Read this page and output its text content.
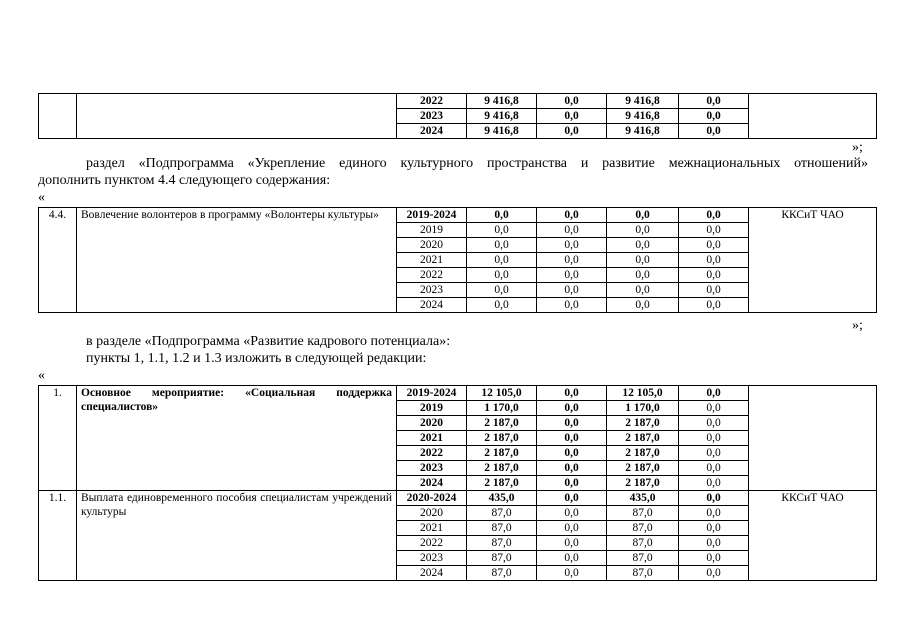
		2022	9 416,8	0,0	9 416,8	0,0	
		2023	9 416,8	0,0	9 416,8	0,0	
		2024	9 416,8	0,0	9 416,8	0,0	
»;
раздел «Подпрограмма «Укрепление единого культурного пространства и развитие межнациональных отношений»
дополнить пунктом 4.4 следующего содержания:
«
4.4.	Вовлечение волонтеров в программу «Волонтеры культуры»	2019-2024	0,0	0,0	0,0	0,0	ККСиТ ЧАО
		2019	0,0	0,0	0,0	0,0	
		2020	0,0	0,0	0,0	0,0	
		2021	0,0	0,0	0,0	0,0	
		2022	0,0	0,0	0,0	0,0	
		2023	0,0	0,0	0,0	0,0	
		2024	0,0	0,0	0,0	0,0	
»;
в разделе «Подпрограмма «Развитие кадрового потенциала»:
пункты 1, 1.1, 1.2 и 1.3 изложить в следующей редакции:
«
1.	Основное мероприятие: «Социальная поддержка специалистов»	2019-2024	12 105,0	0,0	12 105,0	0,0	
		2019	1 170,0	0,0	1 170,0	0,0	
		2020	2 187,0	0,0	2 187,0	0,0	
		2021	2 187,0	0,0	2 187,0	0,0	
		2022	2 187,0	0,0	2 187,0	0,0	
		2023	2 187,0	0,0	2 187,0	0,0	
		2024	2 187,0	0,0	2 187,0	0,0	
1.1.	Выплата единовременного пособия специалистам учреждений культуры	2020-2024	435,0	0,0	435,0	0,0	ККСиТ ЧАО
		2020	87,0	0,0	87,0	0,0	
		2021	87,0	0,0	87,0	0,0	
		2022	87,0	0,0	87,0	0,0	
		2023	87,0	0,0	87,0	0,0	
		2024	87,0	0,0	87,0	0,0	
